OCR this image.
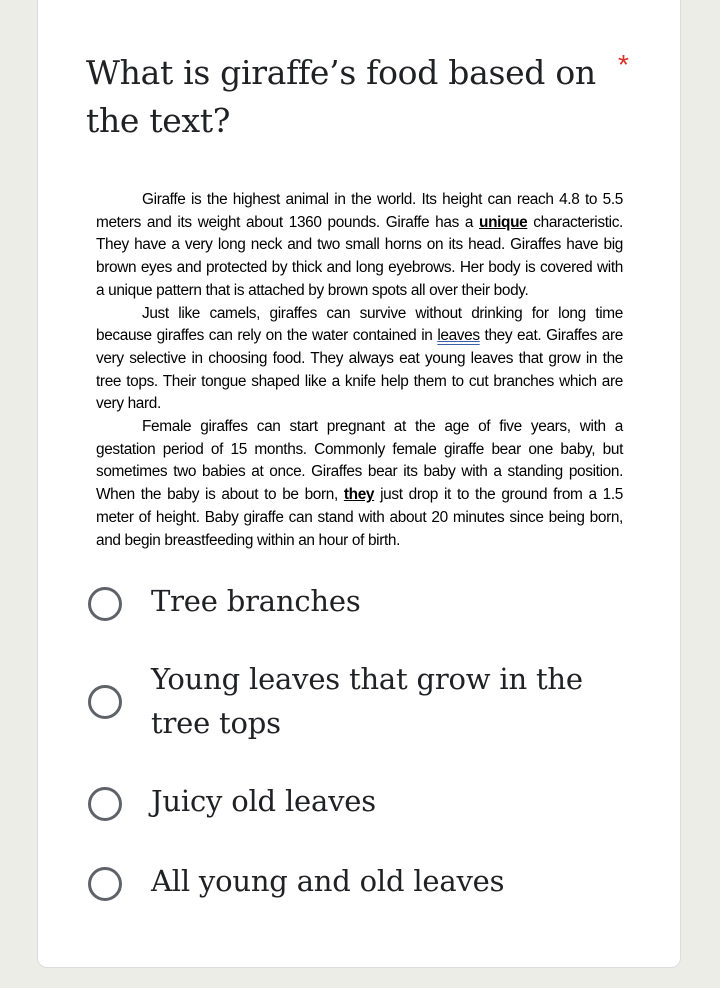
What is giraffe’s food based on the text?
*

Giraffe is the highest animal in the world. Its height can reach 4.8 to 5.5 meters and its weight about 1360 pounds. Giraffe has a unique characteristic. They have a very long neck and two small horns on its head. Giraffes have big brown eyes and protected by thick and long eyebrows. Her body is covered with a unique pattern that is attached by brown spots all over their body.

Just like camels, giraffes can survive without drinking for long time because giraffes can rely on the water contained in leaves they eat. Giraffes are very selective in choosing food. They always eat young leaves that grow in the tree tops. Their tongue shaped like a knife help them to cut branches which are very hard.

Female giraffes can start pregnant at the age of five years, with a gestation period of 15 months. Commonly female giraffe bear one baby, but sometimes two babies at once. Giraffes bear its baby with a standing position. When the baby is about to be born, they just drop it to the ground from a 1.5 meter of height. Baby giraffe can stand with about 20 minutes since being born, and begin breastfeeding within an hour of birth.

Tree branches
Young leaves that grow in the tree tops
Juicy old leaves
All young and old leaves
